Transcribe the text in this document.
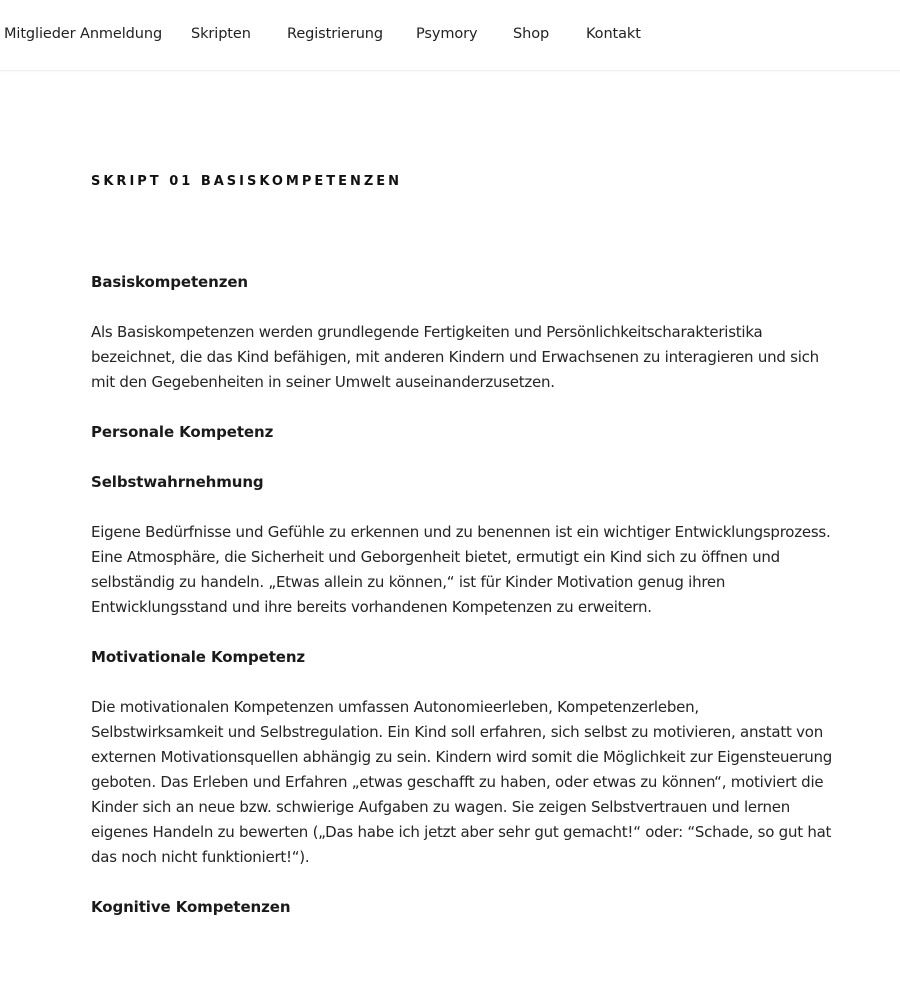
Mitglieder Anmeldung Skripten Registrierung Psymory Shop	Kontakt
SKRIPT 01 BASISKOMPETENZEN
Basiskompetenzen

Als Basiskompetenzen werden grundlegende Fertigkeiten und Persönlichkeitscharakteristika

bezeichnet, die das Kind befähigen, mit anderen Kindern und Erwachsenen zu interagieren und sich

mit den Gegebenheiten in seiner Umwelt auseinanderzusetzen.

Personale Kompetenz
Selbstwahrnehmung

Eigene Bedürfnisse und Gefühle zu erkennen und zu benennen ist ein wichtiger Entwicklungsprozess.

Eine Atmosphäre, die Sicherheit und Geborgenheit bietet, ermutigt ein Kind sich zu öffnen und

selbständig zu handeln. „Etwas allein zu können,“ ist für Kinder Motivation genug ihren

Entwicklungsstand und ihre bereits vorhandenen Kompetenzen zu erweitern.

Motivationale Kompetenz

Die motivationalen Kompetenzen umfassen Autonomieerleben, Kompetenzerleben,

Selbstwirksamkeit und Selbstregulation. Ein Kind soll erfahren, sich selbst zu motivieren, anstatt von

externen Motivationsquellen abhängig zu sein. Kindern wird somit die Möglichkeit zur Eigensteuerung

geboten. Das Erleben und Erfahren „etwas geschafft zu haben, oder etwas zu können“, motiviert die

Kinder sich an neue bzw. schwierige Aufgaben zu wagen. Sie zeigen Selbstvertrauen und lernen

eigenes Handeln zu bewerten („Das habe ich jetzt aber sehr gut gemacht!“ oder: “Schade, so gut hat

das noch nicht funktioniert!“).

Kognitive Kompetenzen
